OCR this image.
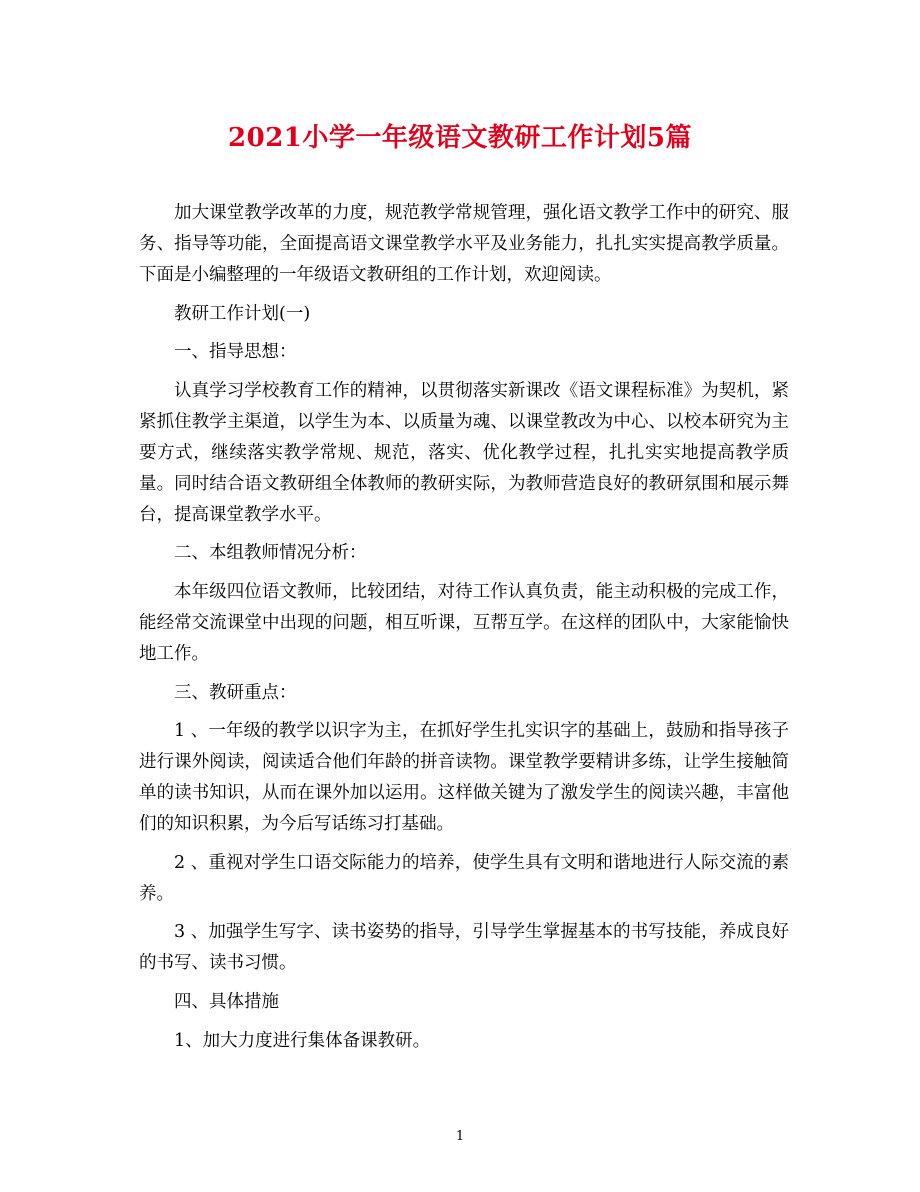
2021小学一年级语文教研工作计划5篇

加大课堂教学改革的力度，规范教学常规管理，强化语文教学工作中的研究、服务、指导等功能，全面提高语文课堂教学水平及业务能力，扎扎实实提高教学质量。下面是小编整理的一年级语文教研组的工作计划，欢迎阅读。

教研工作计划(一)

一、指导思想：

认真学习学校教育工作的精神，以贯彻落实新课改《语文课程标准》为契机，紧紧抓住教学主渠道，以学生为本、以质量为魂、以课堂教改为中心、以校本研究为主要方式，继续落实教学常规、规范，落实、优化教学过程，扎扎实实地提高教学质量。同时结合语文教研组全体教师的教研实际，为教师营造良好的教研氛围和展示舞台，提高课堂教学水平。

二、本组教师情况分析：

本年级四位语文教师，比较团结，对待工作认真负责，能主动积极的完成工作，能经常交流课堂中出现的问题，相互听课，互帮互学。在这样的团队中，大家能愉快地工作。

三、教研重点：

1 、一年级的教学以识字为主，在抓好学生扎实识字的基础上，鼓励和指导孩子进行课外阅读，阅读适合他们年龄的拼音读物。课堂教学要精讲多练，让学生接触简单的读书知识，从而在课外加以运用。这样做关键为了激发学生的阅读兴趣，丰富他们的知识积累，为今后写话练习打基础。

2 、重视对学生口语交际能力的培养，使学生具有文明和谐地进行人际交流的素养。

3 、加强学生写字、读书姿势的指导，引导学生掌握基本的书写技能，养成良好的书写、读书习惯。

四、具体措施

1、加大力度进行集体备课教研。

1
